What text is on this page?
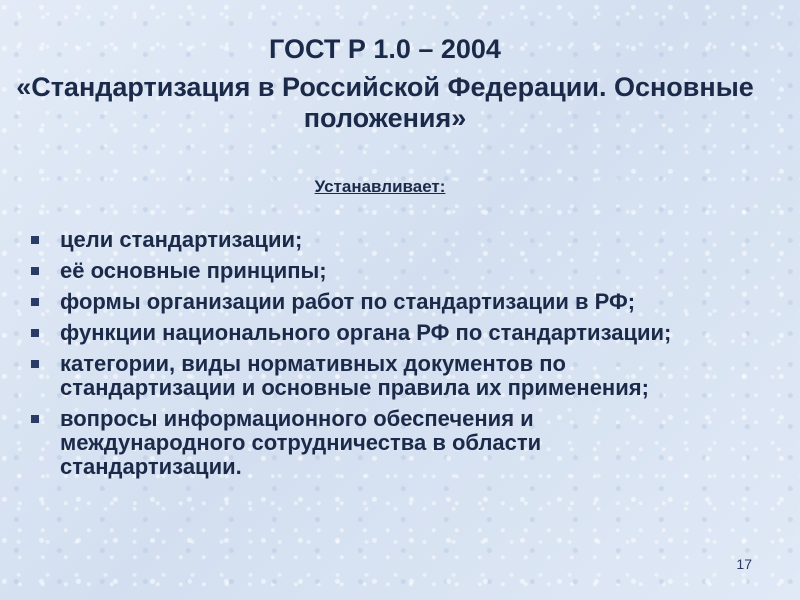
ГОСТ Р 1.0 – 2004
«Стандартизация в Российской Федерации. Основные положения»
Устанавливает:
цели стандартизации;
её основные принципы;
формы организации работ по стандартизации в РФ;
функции национального органа РФ по стандартизации;
категории, виды нормативных документов по стандартизации и основные правила их применения;
вопросы информационного обеспечения и международного сотрудничества в области стандартизации.
17
